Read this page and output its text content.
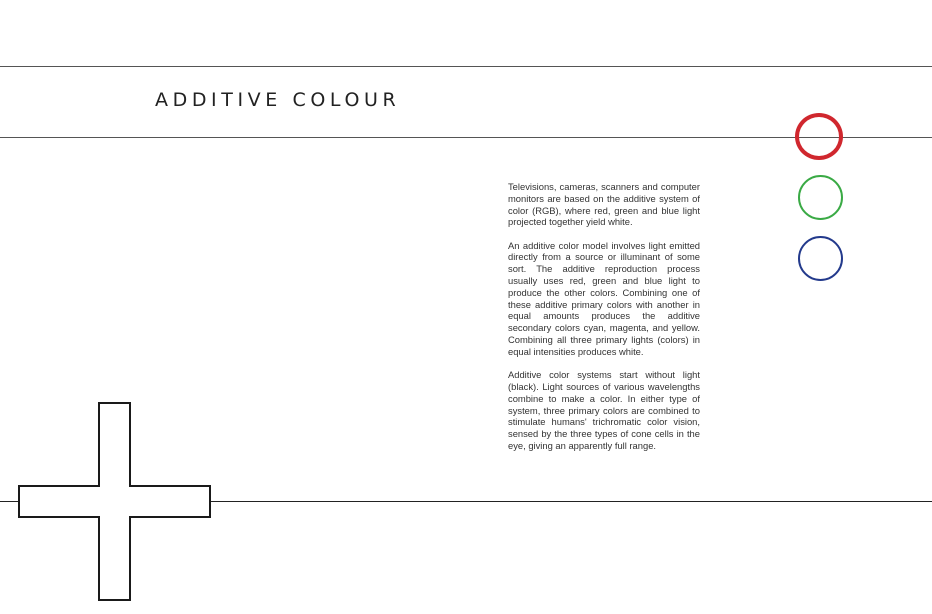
ADDITIVE COLOUR

Televisions, cameras, scanners and computer monitors are based on the additive system of color (RGB), where red, green and blue light projected together yield white.

An additive color model involves light emitted directly from a source or illuminant of some sort. The additive reproduction process usually uses red, green and blue light to produce the other colors. Combining one of these additive primary colors with another in equal amounts produces the additive secondary colors cyan, magenta, and yellow. Combining all three primary lights (colors) in equal intensities produces white.

Additive color systems start without light (black). Light sources of various wavelengths combine to make a color. In either type of system, three primary colors are combined to stimulate humans' trichromatic color vision, sensed by the three types of cone cells in the eye, giving an apparently full range.
